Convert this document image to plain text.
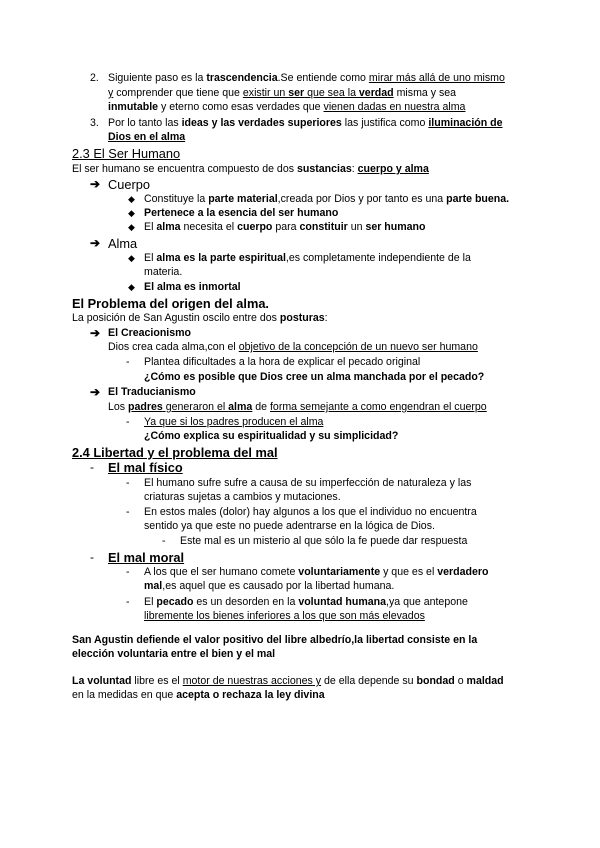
2. Siguiente paso es la trascendencia.Se entiende como mirar más allá de uno mismo
y comprender que tiene que existir un ser que sea la verdad misma y sea
inmutable y eterno como esas verdades que vienen dadas en nuestra alma
3. Por lo tanto las ideas y las verdades superiores las justifica como iluminación de
Dios en el alma
2.3 El Ser Humano
El ser humano se encuentra compuesto de dos sustancias: cuerpo y alma
➔ Cuerpo
◆ Constituye la parte material,creada por Dios y por tanto es una parte buena.
◆ Pertenece a la esencia del ser humano
◆ El alma necesita el cuerpo para constituir un ser humano
➔ Alma
◆ El alma es la parte espiritual,es completamente independiente de la
materia.
◆ El alma es inmortal
El Problema del origen del alma.
La posición de San Agustin oscilo entre dos posturas:
➔ El Creacionismo
Dios crea cada alma,con el objetivo de la concepción de un nuevo ser humano
- Plantea dificultades a la hora de explicar el pecado original
¿Cómo es posible que Dios cree un alma manchada por el pecado?
➔ El Traducianismo
Los padres generaron el alma de forma semejante a como engendran el cuerpo
- Ya que si los padres producen el alma
¿Cómo explica su espiritualidad y su simplicidad?
2.4 Libertad y el problema del mal
- El mal físico
- El humano sufre sufre a causa de su imperfección de naturaleza y las
criaturas sujetas a cambios y mutaciones.
- En estos males (dolor) hay algunos a los que el individuo no encuentra
sentido ya que este no puede adentrarse en la lógica de Dios.
- Este mal es un misterio al que sólo la fe puede dar respuesta
- El mal moral
- A los que el ser humano comete voluntariamente y que es el verdadero
mal,es aquel que es causado por la libertad humana.
- El pecado es un desorden en la voluntad humana,ya que antepone
libremente los bienes inferiores a los que son más elevados
San Agustin defiende el valor positivo del libre albedrío,la libertad consiste en la
elección voluntaria entre el bien y el mal
La voluntad libre es el motor de nuestras acciones y de ella depende su bondad o maldad
en la medidas en que acepta o rechaza la ley divina
